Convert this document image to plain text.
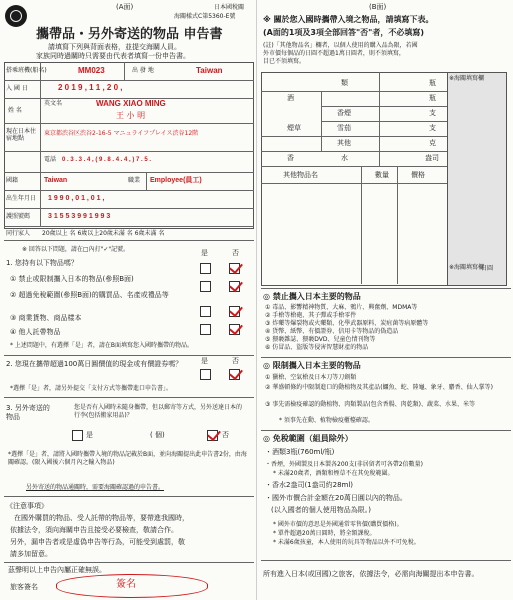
(A面)	日本國稅關
海關樣式C第5360-E號
攜帶品・另外寄送的物品 申告書
請填寫下列與背面表格，並提交海關人員。
家族同時過關時只需要由代表者填寫一份申告書。
搭乘班機(船名)	MM023	出 發 地	Taiwan
入 國 日	2 0 1 9 , 1 1 , 2 0 ,
英文名	WANG XIAO MING
姓 名
王 小 明
現在日本住宿地點
東京都渋谷区渋谷2-16-5 マニュライフプレイス渋谷12階
電話 0 . 3 . 3 . 4 , ( 9 . 8 . 4 . 4 , ) 7 . 5 .
國籍	Taiwan	職業 Employee(員工)
出生年月日 1 9 9 0 , 0 1 , 0 1 ,
護照號碼	3 1 5 5 3 9 9 1 9 9 3
同行家人 20歲以上 名 6歲以上20歲未滿 名 6歲未滿 名
※ 回答以下問題，請在□內打"✓"記號。
1. 您持有以下物品嗎？
是	否
① 禁止或限制攜入日本的物品(參照B面)
② 超過免稅範圍(參照B面)的購買品、名產或禮品等
③ 商業貨物、商品樣本
④ 他人託帶物品
* 上述問題中，有選擇「是」者，請在B面填寫您入國時攜帶的物品。
2. 您現在攜帶超過100萬日圓價值的現金或有價證券嗎？	是	否
*選擇「是」者，請另外提交「支付方式等攜帶進口申告書」。
3. 另外寄送的物品
您是否有入國時未隨身攜帶，但以郵寄等方式，另外送達日本的行李(包括搬家用品)？
是	( 個)	否
*選擇「是」者，請將入國時攜帶入境的物品記載於B面，並向海關提出此申告書2份，由海關確認。(限入國後六個月內之輸入物品)
另外寄送的物品通關時，需要海關確認過的申告書。
《注意事項》
在國外購買的物品、受人託帶的物品等，要帶進我國時，
依據法令，須向海關申告且接受必要檢查，敬請合作。
另外，漏申告者或是虛偽申告等行為，可能受到處罰，敬
請多加留意。
茲聲明以上申告內屬正確無誤。
旅客簽名	簽名
(B面)
※ 關於您入國時攜帶入境之物品，請填寫下表。
(A面的1項及3項全部回答"否"者，不必填寫)
(註)「其他物品名」欄者，以個人使用的購入品為限，若國
外市價每個品的日圓不超過1萬日圓者，則不須填寫，
目已不須填寫。
※海關填寫欄
※海關填寫欄
類	瓶
酒	瓶
煙草
香煙	支
雪茄	支
其他	克
香	水	盎司
其他物品名	數量	價格
日圓
◎ 禁止攜入日本主要的物品
① 毒品、影響精神物質、大麻、鴉片、興奮劑、MDMA等
② 手槍等槍砲、其子彈或手槍零件
③ 炸藥等爆裂物或火藥類、化學武器原料、炭疽菌等病原體等
④ 貨幣、紙幣、有價證券、信用卡等物品的偽造品
⑤ 猥褻雜誌、猥褻DVD、兒童色情刊物等
⑥ 仿冒品、盜版等侵害智慧財產的物品
◎ 限制攜入日本主要的物品
① 獵槍、空氣槍及日本刀等刀劍類
② 華盛頓條約中限制進口的動植物及其產品(鱷魚、蛇、陸龜、象牙、麝香、仙人掌等)
③ 事先需檢疫確認的動植物、肉類製品(包含香腸、肉乾類)、蔬菜、水果、米等
* 須事先在動、植物檢疫櫃檯確認。
◎ 免稅範圍（組員除外）
・酒類3瓶(760ml/瓶)
・香煙，外國製及日本製各200支(非居留者可各帶2倍數量)
* 未滿20歲者，酒類和煙草不在其免稅範圍。
・香水2盎司(1盎司約28ml)
・國外市價合計金額在20萬日圓以內的物品。
(以入國者的個人使用物品為限。)
* 國外市價的意思是外國通常零售價(購買價格)。
* 單件超過20萬日圓時，將全額課稅。
* 未滿6歲孩童，本人使用的玩具等物品以外不可免稅。
所有進入日本(或回國)之旅客，依據法令，必需向海關提出本申告書。
